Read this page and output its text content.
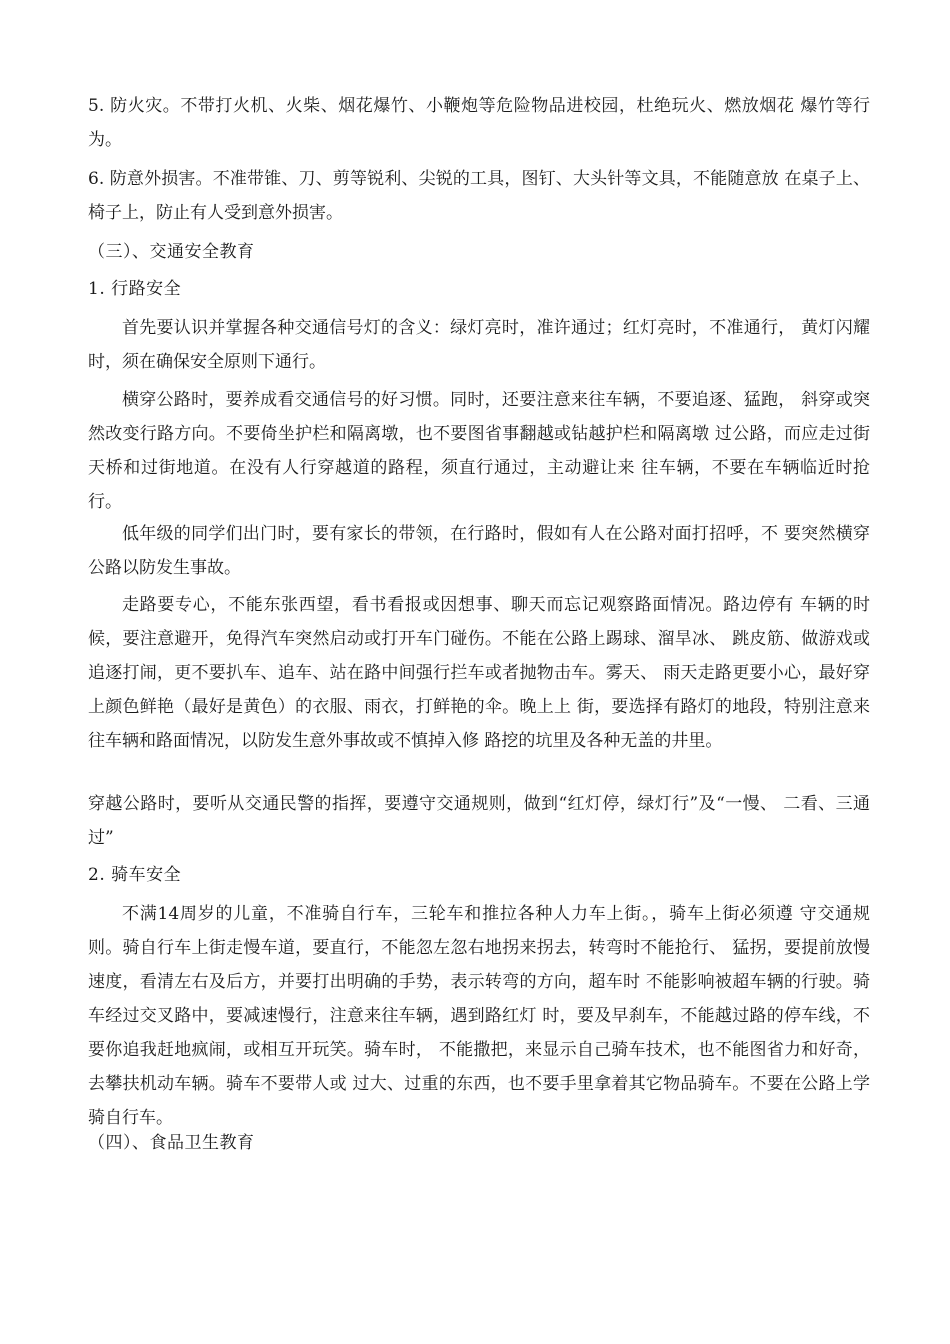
5. 防火灾。不带打火机、火柴、烟花爆竹、小鞭炮等危险物品进校园，杜绝玩火、燃放烟花 爆竹等行为。

6. 防意外损害。不准带锥、刀、剪等锐利、尖锐的工具，图钉、大头针等文具，不能随意放 在桌子上、椅子上，防止有人受到意外损害。

（三）、交通安全教育

1. 行路安全

首先要认识并掌握各种交通信号灯的含义：绿灯亮时，准许通过；红灯亮时，不准通行， 黄灯闪耀时，须在确保安全原则下通行。

横穿公路时，要养成看交通信号的好习惯。同时，还要注意来往车辆，不要追逐、猛跑， 斜穿或突然改变行路方向。不要倚坐护栏和隔离墩，也不要图省事翻越或钻越护栏和隔离墩 过公路，而应走过街天桥和过街地道。在没有人行穿越道的路程，须直行通过，主动避让来 往车辆，不要在车辆临近时抢行。

低年级的同学们出门时，要有家长的带领，在行路时，假如有人在公路对面打招呼，不 要突然横穿公路以防发生事故。

走路要专心，不能东张西望，看书看报或因想事、聊天而忘记观察路面情况。路边停有 车辆的时候，要注意避开，免得汽车突然启动或打开车门碰伤。不能在公路上踢球、溜旱冰、 跳皮筋、做游戏或追逐打闹，更不要扒车、追车、站在路中间强行拦车或者抛物击车。雾天、 雨天走路更要小心，最好穿上颜色鲜艳（最好是黄色）的衣服、雨衣，打鲜艳的伞。晚上上 街，要选择有路灯的地段，特别注意来往车辆和路面情况，以防发生意外事故或不慎掉入修 路挖的坑里及各种无盖的井里。

穿越公路时，要听从交通民警的指挥，要遵守交通规则，做到“红灯停，绿灯行”及“一慢、 二看、三通过”

2. 骑车安全

不满14周岁的儿童，不准骑自行车，三轮车和推拉各种人力车上街。，骑车上街必须遵 守交通规则。骑自行车上街走慢车道，要直行，不能忽左忽右地拐来拐去，转弯时不能抢行、 猛拐，要提前放慢速度，看清左右及后方，并要打出明确的手势，表示转弯的方向，超车时 不能影响被超车辆的行驶。骑车经过交叉路中，要减速慢行，注意来往车辆，遇到路红灯 时，要及早刹车，不能越过路的停车线，不要你追我赶地疯闹，或相互开玩笑。骑车时， 不能撒把，来显示自己骑车技术，也不能图省力和好奇，去攀扶机动车辆。骑车不要带人或 过大、过重的东西，也不要手里拿着其它物品骑车。不要在公路上学骑自行车。

（四）、食品卫生教育
